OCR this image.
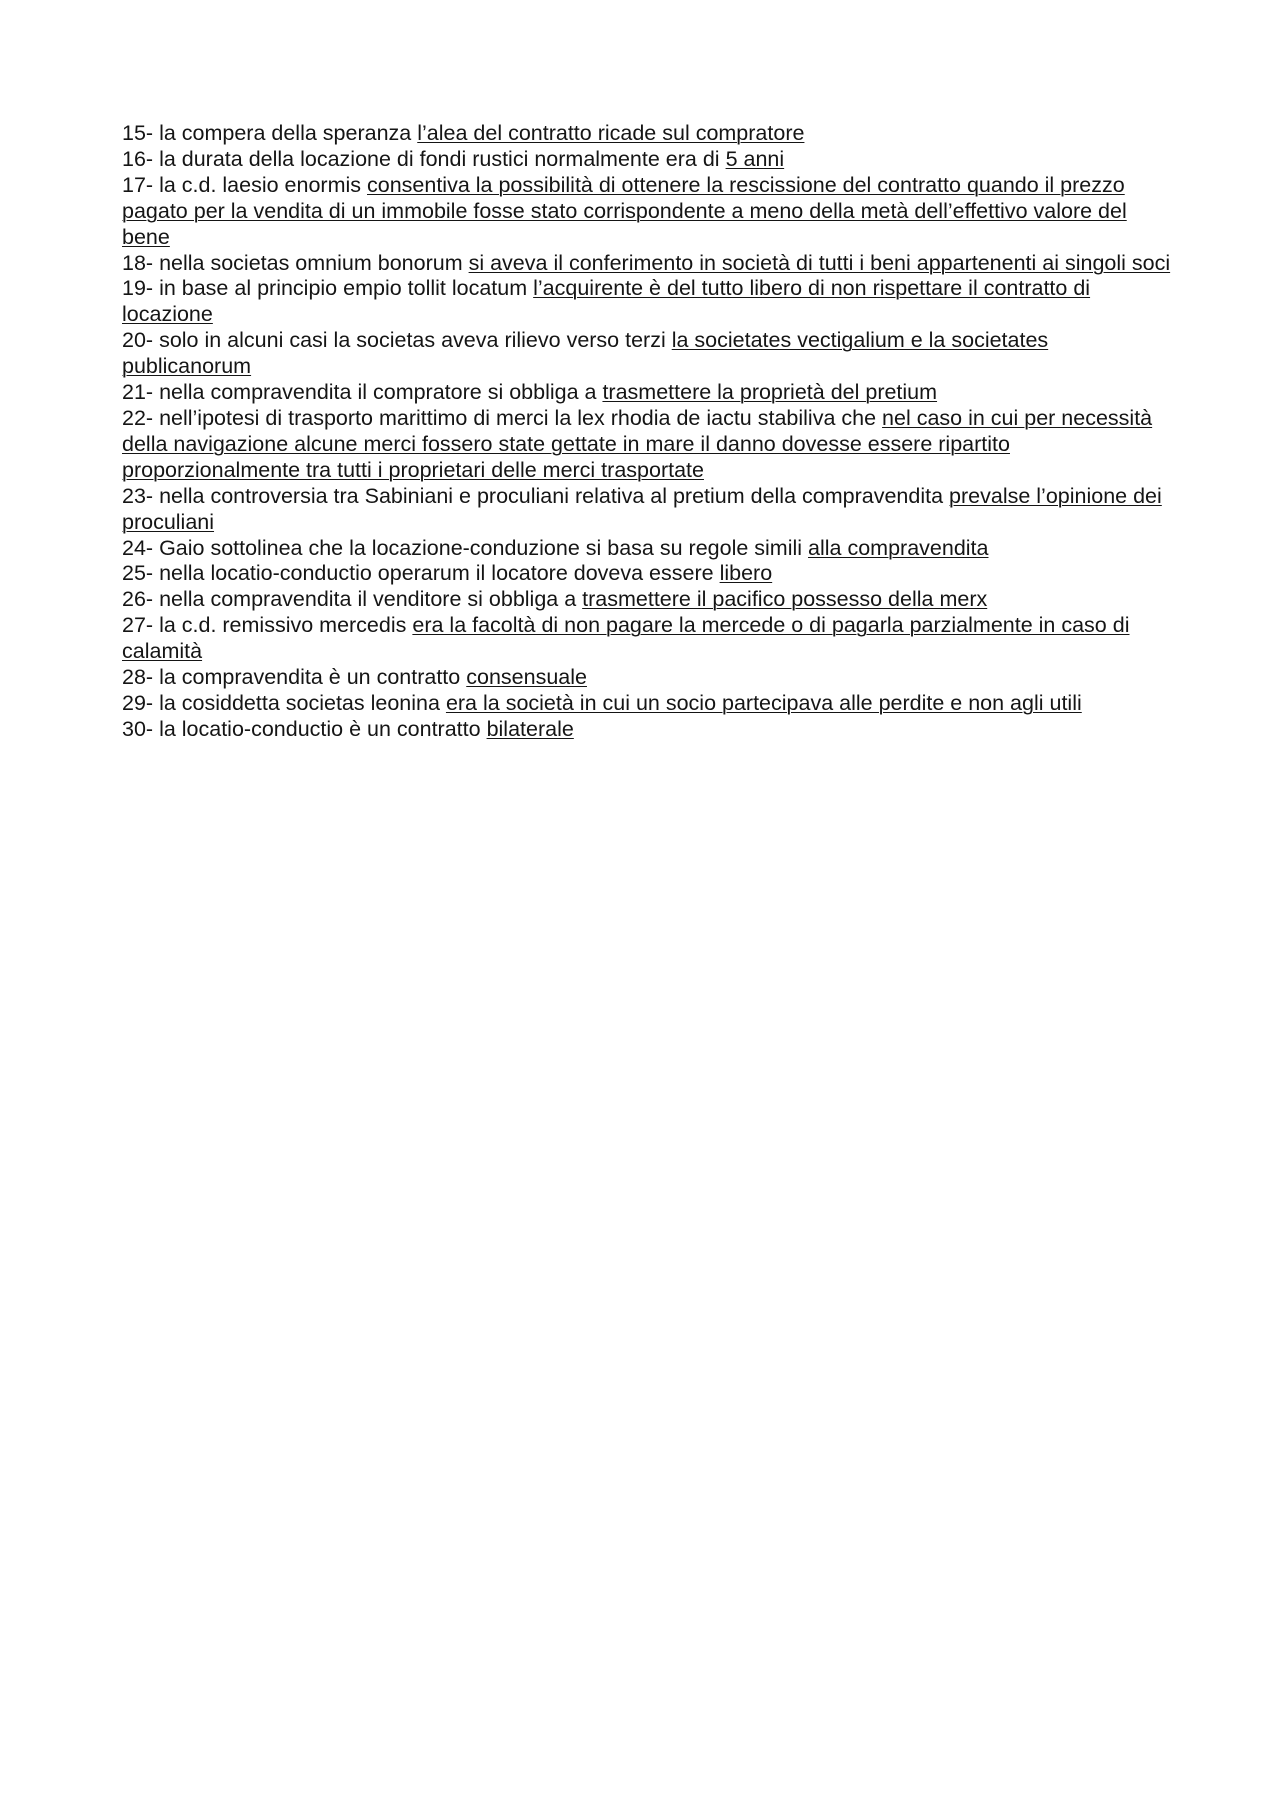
15- la compera della speranza l’alea del contratto ricade sul compratore

16- la durata della locazione di fondi rustici normalmente era di 5 anni

17- la c.d. laesio enormis consentiva la possibilità di ottenere la rescissione del contratto quando il prezzo pagato per la vendita di un immobile fosse stato corrispondente a meno della metà dell’effettivo valore del bene

18- nella societas omnium bonorum si aveva il conferimento in società di tutti i beni appartenenti ai singoli soci

19- in base al principio empio tollit locatum l’acquirente è del tutto libero di non rispettare il contratto di locazione

20- solo in alcuni casi la societas aveva rilievo verso terzi la societates vectigalium e la societates publicanorum

21- nella compravendita il compratore si obbliga a trasmettere la proprietà del pretium

22- nell’ipotesi di trasporto marittimo di merci la lex rhodia de iactu stabiliva che nel caso in cui per necessità della navigazione alcune merci fossero state gettate in mare il danno dovesse essere ripartito proporzionalmente tra tutti i proprietari delle merci trasportate

23- nella controversia tra Sabiniani e proculiani relativa al pretium della compravendita prevalse l’opinione dei proculiani

24- Gaio sottolinea che la locazione-conduzione si basa su regole simili alla compravendita

25- nella locatio-conductio operarum il locatore doveva essere libero

26- nella compravendita il venditore si obbliga a trasmettere il pacifico possesso della merx

27- la c.d. remissivo mercedis era la facoltà di non pagare la mercede o di pagarla parzialmente in caso di calamità

28- la compravendita è un contratto consensuale

29- la cosiddetta societas leonina era la società in cui un socio partecipava alle perdite e non agli utili

30- la locatio-conductio è un contratto bilaterale
